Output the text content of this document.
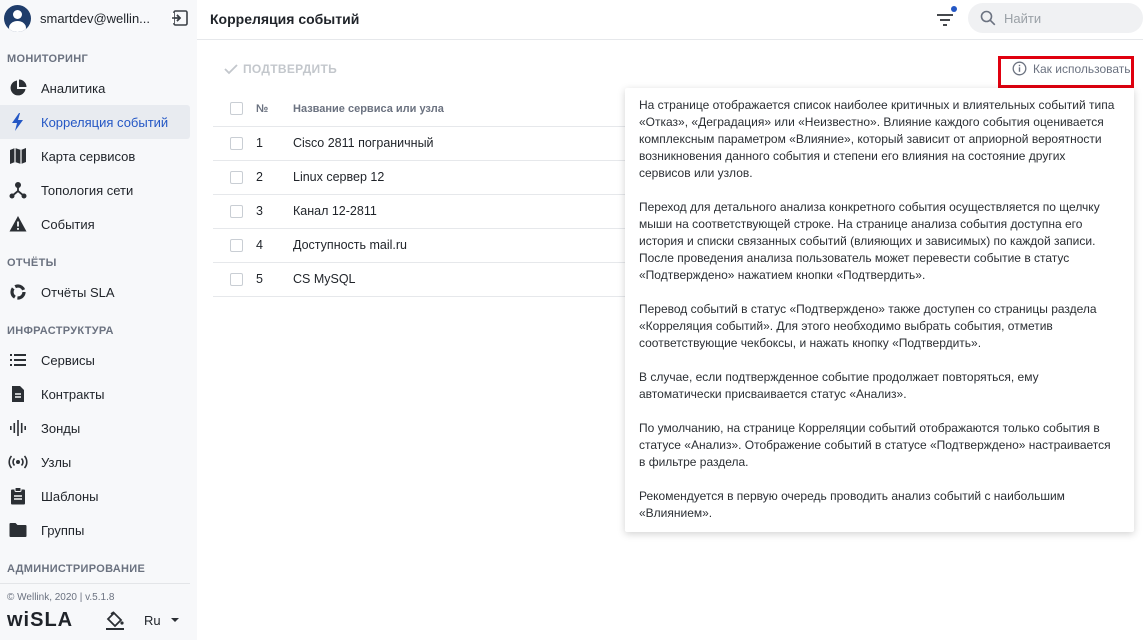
smartdev@wellin...
МОНИТОРИНГ
Аналитика
Корреляция событий
Карта сервисов
Топология сети
События
ОТЧЁТЫ
Отчёты SLA
ИНФРАСТРУКТУРА
Сервисы
Контракты
Зонды
Узлы
Шаблоны
Группы
АДМИНИСТРИРОВАНИЕ
© Wellink, 2020 | v.5.1.8
wiSLA	Ru
Корреляция событий
Найти
ПОДТВЕРДИТЬ	Как использовать
	№	Название сервиса или узла
	1	Cisco 2811 пограничный
	2	Linux сервер 12
	3	Канал 12-2811
	4	Доступность mail.ru
	5	CS MySQL

На странице отображается список наиболее критичных и влиятельных событий типа «Отказ», «Деградация» или «Неизвестно». Влияние каждого события оценивается комплексным параметром «Влияние», который зависит от априорной вероятности возникновения данного события и степени его влияния на состояние других сервисов или узлов.

Переход для детального анализа конкретного события осуществляется по щелчку мыши на соответствующей строке. На странице анализа события доступна его история и списки связанных событий (влияющих и зависимых) по каждой записи. После проведения анализа пользователь может перевести событие в статус «Подтверждено» нажатием кнопки «Подтвердить».

Перевод событий в статус «Подтверждено» также доступен со страницы раздела «Корреляция событий». Для этого необходимо выбрать события, отметив соответствующие чекбоксы, и нажать кнопку «Подтвердить».

В случае, если подтвержденное событие продолжает повторяться, ему автоматически присваивается статус «Анализ».

По умолчанию, на странице Корреляции событий отображаются только события в статусе «Анализ». Отображение событий в статусе «Подтверждено» настраивается в фильтре раздела.

Рекомендуется в первую очередь проводить анализ событий с наибольшим «Влиянием».
